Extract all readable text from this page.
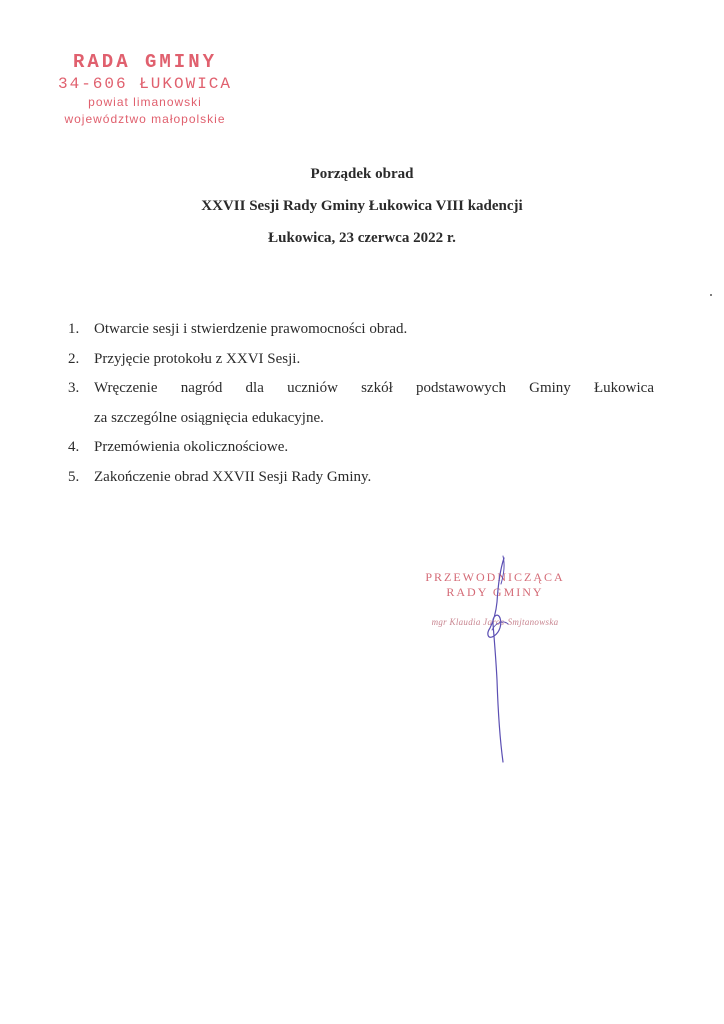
RADA GMINY
34-606 ŁUKOWICA
powiat limanowski
województwo małopolskie
Porządek obrad
XXVII Sesji Rady Gminy Łukowica VIII kadencji
Łukowica, 23 czerwca 2022 r.
1. Otwarcie sesji i stwierdzenie prawomocności obrad.
2. Przyjęcie protokołu z XXVI Sesji.
3. Wręczenie nagród dla uczniów szkół podstawowych Gminy Łukowica
za szczególne osiągnięcia edukacyjne.
4. Przemówienia okolicznościowe.
5. Zakończenie obrad XXVII Sesji Rady Gminy.
PRZEWODNICZĄCA
RADY GMINY
mgr Klaudia Jaros-Smjtanowska
